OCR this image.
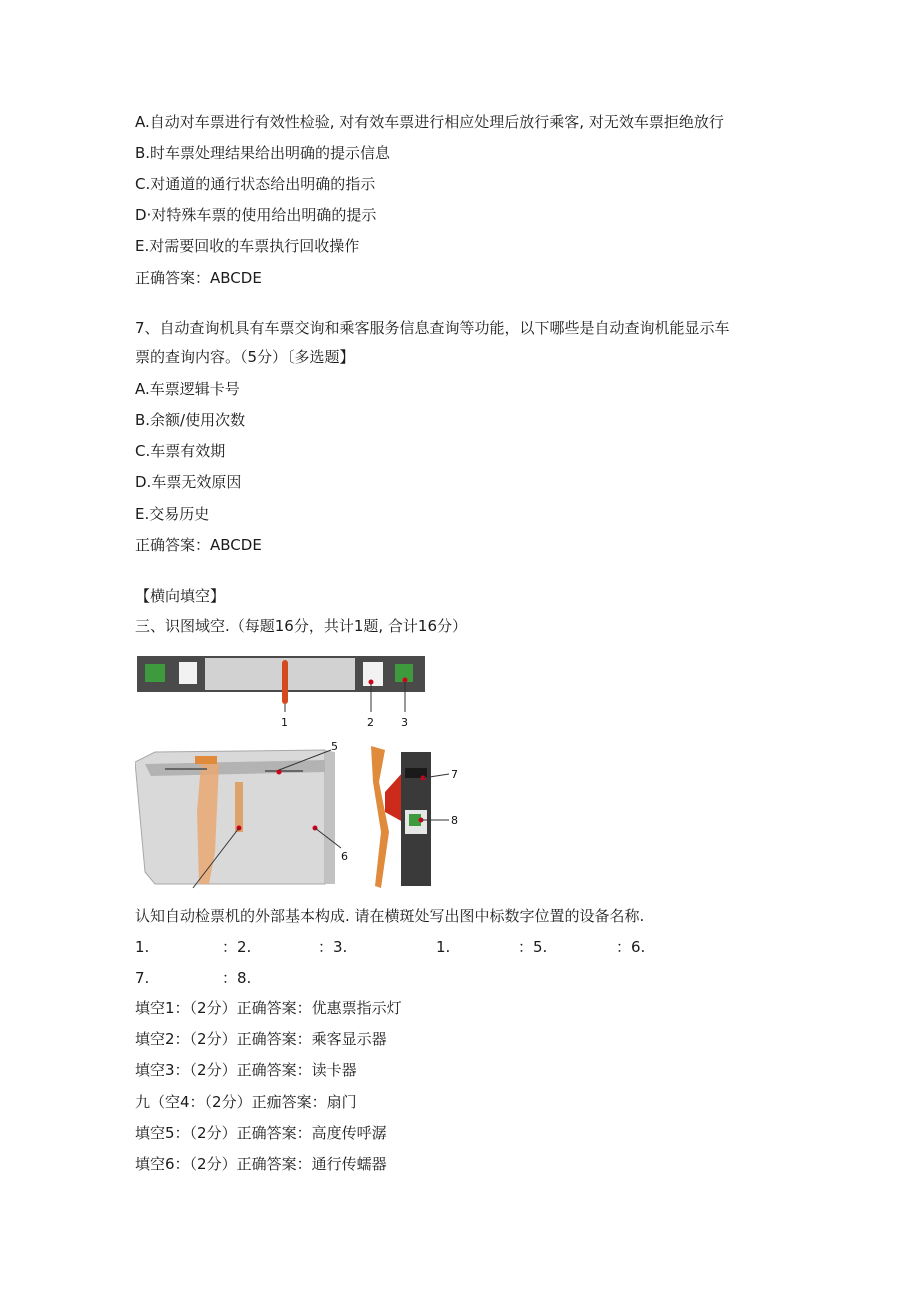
A.自动对车票进行有效性检验, 对有效车票进行相应处理后放行乘客, 对无效车票拒绝放行
B.时车票处理结果给出明确的提示信息
C.对通道的通行状态给出明确的指示
D·对特殊车票的使用给出明确的提示
E.对需要回收的车票执行回收操作
正确答案：ABCDE
7、自动查询机具有车票交询和乘客服务信息查询等功能，以下哪些是自动查询机能显示车
票的查询内容。（5分）〔多选题】
A.车票逻辑卡号
B.余额/使用次数
C.车票有效期
D.车票无效原因
E.交易历史
正确答案：ABCDE
【横向填空】
三、识图域空.（每题16分，共计1题, 合计16分）
1	2 3
5
6
7
8
认知自动检票机的外部基本构成. 请在横斑处写出图中标数字位置的设备名称.
1.	：2.	：3.	1.	：5.	：6.
7.	：8.
填空1：（2分）正确答案：优惠票指示灯
填空2：（2分）正确答案：乘客显示器
填空3：（2分）正确答案：读卡器
九（空4：（2分）正痂答案：扇门
填空5：（2分）正确答案：高度传呼潺
填空6：（2分）正确答案：通行传蠕器
